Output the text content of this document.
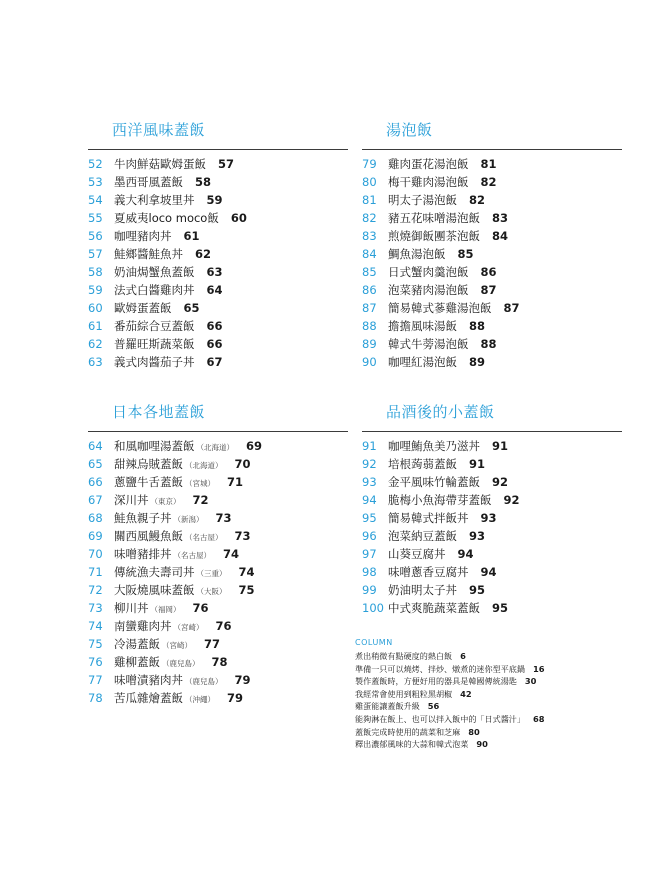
西洋風味蓋飯
52 牛肉鮮菇歐姆蛋飯 57
53 墨西哥風蓋飯 58
54 義大利拿坡里丼 59
55 夏威夷loco moco飯 60
56 咖哩豬肉丼 61
57 鮭鄉醬鮭魚丼 62
58 奶油焗蟹魚蓋飯 63
59 法式白醬雞肉丼 64
60 歐姆蛋蓋飯 65
61 番茄綜合豆蓋飯 66
62 普羅旺斯蔬菜飯 66
63 義式肉醬茄子丼 67
湯泡飯
79 雞肉蛋花湯泡飯 81
80 梅干雞肉湯泡飯 82
81 明太子湯泡飯 82
82 豬五花味噌湯泡飯 83
83 煎燒御飯團茶泡飯 84
84 鯛魚湯泡飯 85
85 日式蟹肉羹泡飯 86
86 泡菜豬肉湯泡飯 87
87 簡易韓式蔘雞湯泡飯 87
88 擔擔風味湯飯 88
89 韓式牛蒡湯泡飯 88
90 咖哩紅湯泡飯 89
日本各地蓋飯
64 和風咖哩湯蓋飯 （北海道） 69
65 甜辣烏賊蓋飯 （北海道） 70
66 蔥鹽牛舌蓋飯 （宮城） 71
67 深川丼 （東京） 72
68 鮭魚親子丼 （新潟） 73
69 關西風鰻魚飯 （名古屋） 73
70 味噌豬排丼 （名古屋） 74
71 傳統漁夫壽司丼 （三重） 74
72 大阪燒風味蓋飯 （大阪） 75
73 柳川丼 （福岡） 76
74 南蠻雞肉丼 （宮崎） 76
75 冷湯蓋飯 （宮崎） 77
76 雞柳蓋飯 （鹿兒島） 78
77 味噌漬豬肉丼 （鹿兒島） 79
78 苦瓜雜燴蓋飯 （沖繩） 79
品酒後的小蓋飯
91 咖哩鮪魚美乃滋丼 91
92 培根蒟蒻蓋飯 91
93 金平風味竹輪蓋飯 92
94 脆梅小魚海帶芽蓋飯 92
95 簡易韓式拌飯丼 93
96 泡菜納豆蓋飯 93
97 山葵豆腐丼 94
98 味噌蔥香豆腐丼 94
99 奶油明太子丼 95
100 中式爽脆蔬菜蓋飯 95
COLUMN
煮出稍微有點硬度的熱白飯 6
準備一只可以燒烤、拌炒、燉煮的迷你型平底鍋 16
製作蓋飯時，方便好用的器具是韓國傳統湯匙 30
我經常會使用到粗粒黑胡椒 42
雞蛋能讓蓋飯升級 56
能夠淋在飯上、也可以拌入飯中的「日式醬汁」 68
蓋飯完成時使用的蔬菜和芝麻 80
釋出濃郁風味的大蒜和韓式泡菜 90
